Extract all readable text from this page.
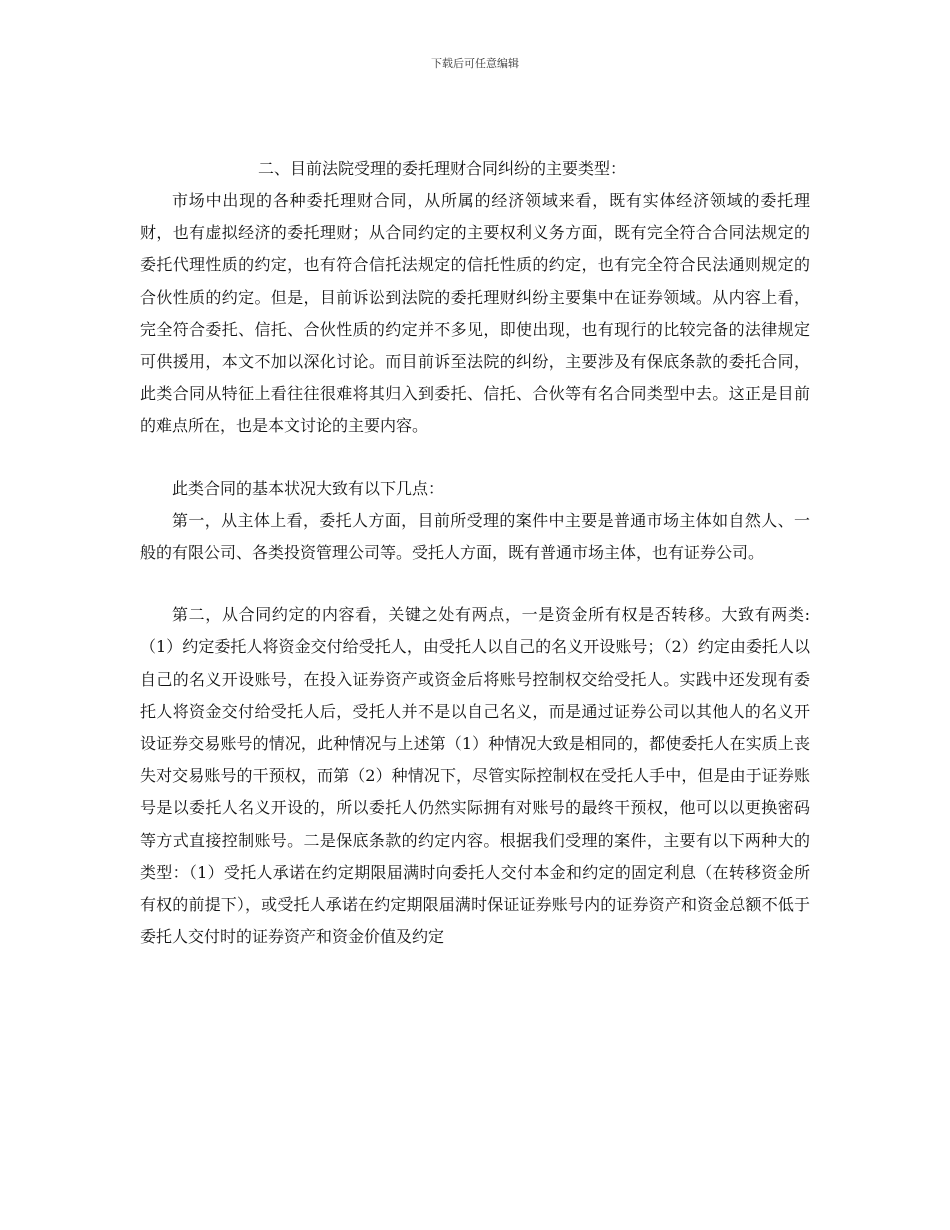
下载后可任意编辑

二、目前法院受理的委托理财合同纠纷的主要类型：

市场中出现的各种委托理财合同，从所属的经济领域来看，既有实体经济领域的委托理财，也有虚拟经济的委托理财；从合同约定的主要权利义务方面，既有完全符合合同法规定的委托代理性质的约定，也有符合信托法规定的信托性质的约定，也有完全符合民法通则规定的合伙性质的约定。但是，目前诉讼到法院的委托理财纠纷主要集中在证券领域。从内容上看，完全符合委托、信托、合伙性质的约定并不多见，即使出现，也有现行的比较完备的法律规定可供援用，本文不加以深化讨论。而目前诉至法院的纠纷，主要涉及有保底条款的委托合同，此类合同从特征上看往往很难将其归入到委托、信托、合伙等有名合同类型中去。这正是目前的难点所在，也是本文讨论的主要内容。

此类合同的基本状况大致有以下几点：

第一，从主体上看，委托人方面，目前所受理的案件中主要是普通市场主体如自然人、一般的有限公司、各类投资管理公司等。受托人方面，既有普通市场主体，也有证券公司。

第二，从合同约定的内容看，关键之处有两点，一是资金所有权是否转移。大致有两类:（1）约定委托人将资金交付给受托人，由受托人以自己的名义开设账号；（2）约定由委托人以自己的名义开设账号，在投入证券资产或资金后将账号控制权交给受托人。实践中还发现有委托人将资金交付给受托人后，受托人并不是以自己名义，而是通过证券公司以其他人的名义开设证券交易账号的情况，此种情况与上述第（1）种情况大致是相同的，都使委托人在实质上丧失对交易账号的干预权，而第（2）种情况下，尽管实际控制权在受托人手中，但是由于证券账号是以委托人名义开设的，所以委托人仍然实际拥有对账号的最终干预权，他可以以更换密码等方式直接控制账号。二是保底条款的约定内容。根据我们受理的案件，主要有以下两种大的类型：（1）受托人承诺在约定期限届满时向委托人交付本金和约定的固定利息（在转移资金所有权的前提下），或受托人承诺在约定期限届满时保证证券账号内的证券资产和资金总额不低于委托人交付时的证券资产和资金价值及约定
